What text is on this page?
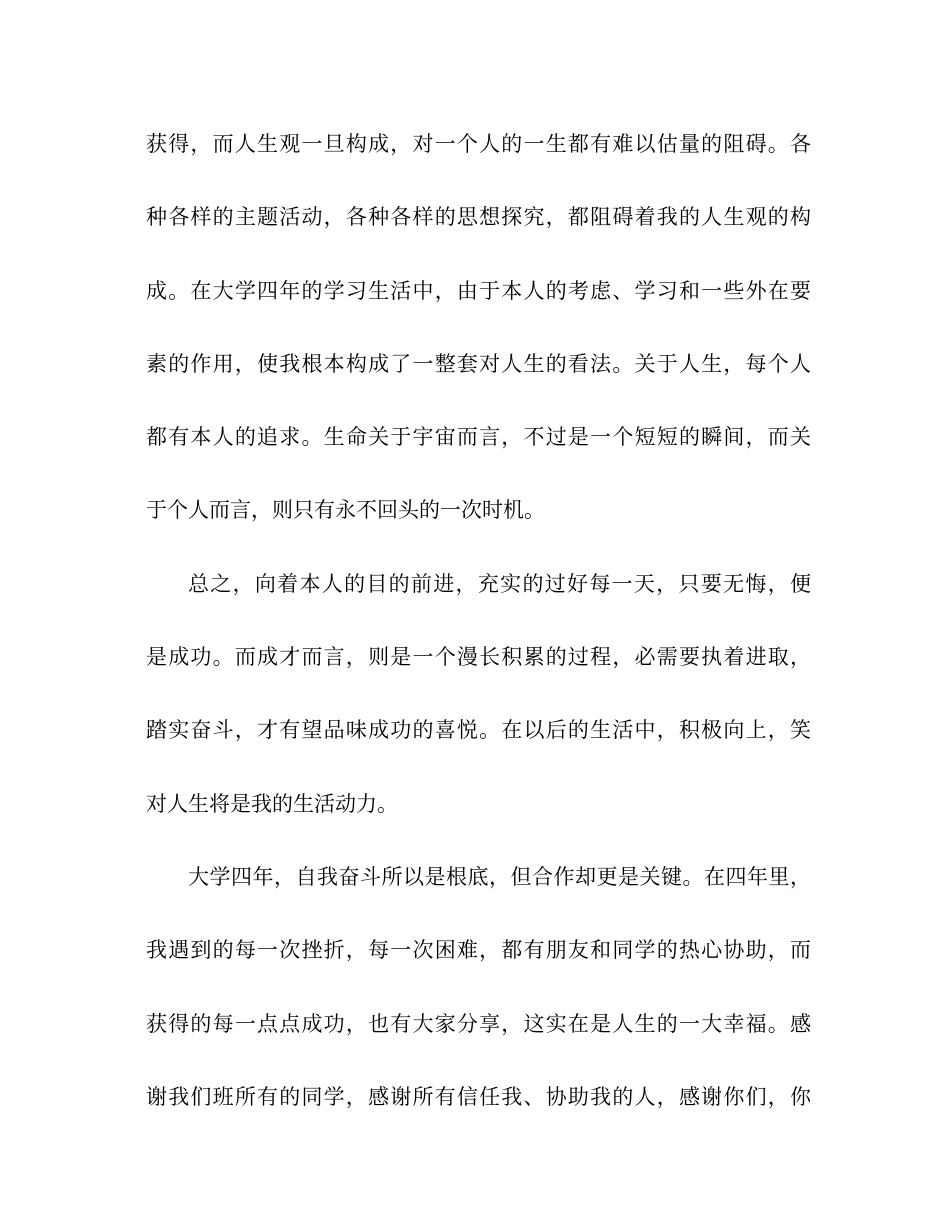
获得，而人生观一旦构成，对一个人的一生都有难以估量的阻碍。各
种各样的主题活动，各种各样的思想探究，都阻碍着我的人生观的构
成。在大学四年的学习生活中，由于本人的考虑、学习和一些外在要
素的作用，使我根本构成了一整套对人生的看法。关于人生，每个人
都有本人的追求。生命关于宇宙而言，不过是一个短短的瞬间，而关
于个人而言，则只有永不回头的一次时机。
总之，向着本人的目的前进，充实的过好每一天，只要无悔，便
是成功。而成才而言，则是一个漫长积累的过程，必需要执着进取，
踏实奋斗，才有望品味成功的喜悦。在以后的生活中，积极向上，笑
对人生将是我的生活动力。
大学四年，自我奋斗所以是根底，但合作却更是关键。在四年里，
我遇到的每一次挫折，每一次困难，都有朋友和同学的热心协助，而
获得的每一点点成功，也有大家分享，这实在是人生的一大幸福。感
谢我们班所有的同学，感谢所有信任我、协助我的人，感谢你们，你
